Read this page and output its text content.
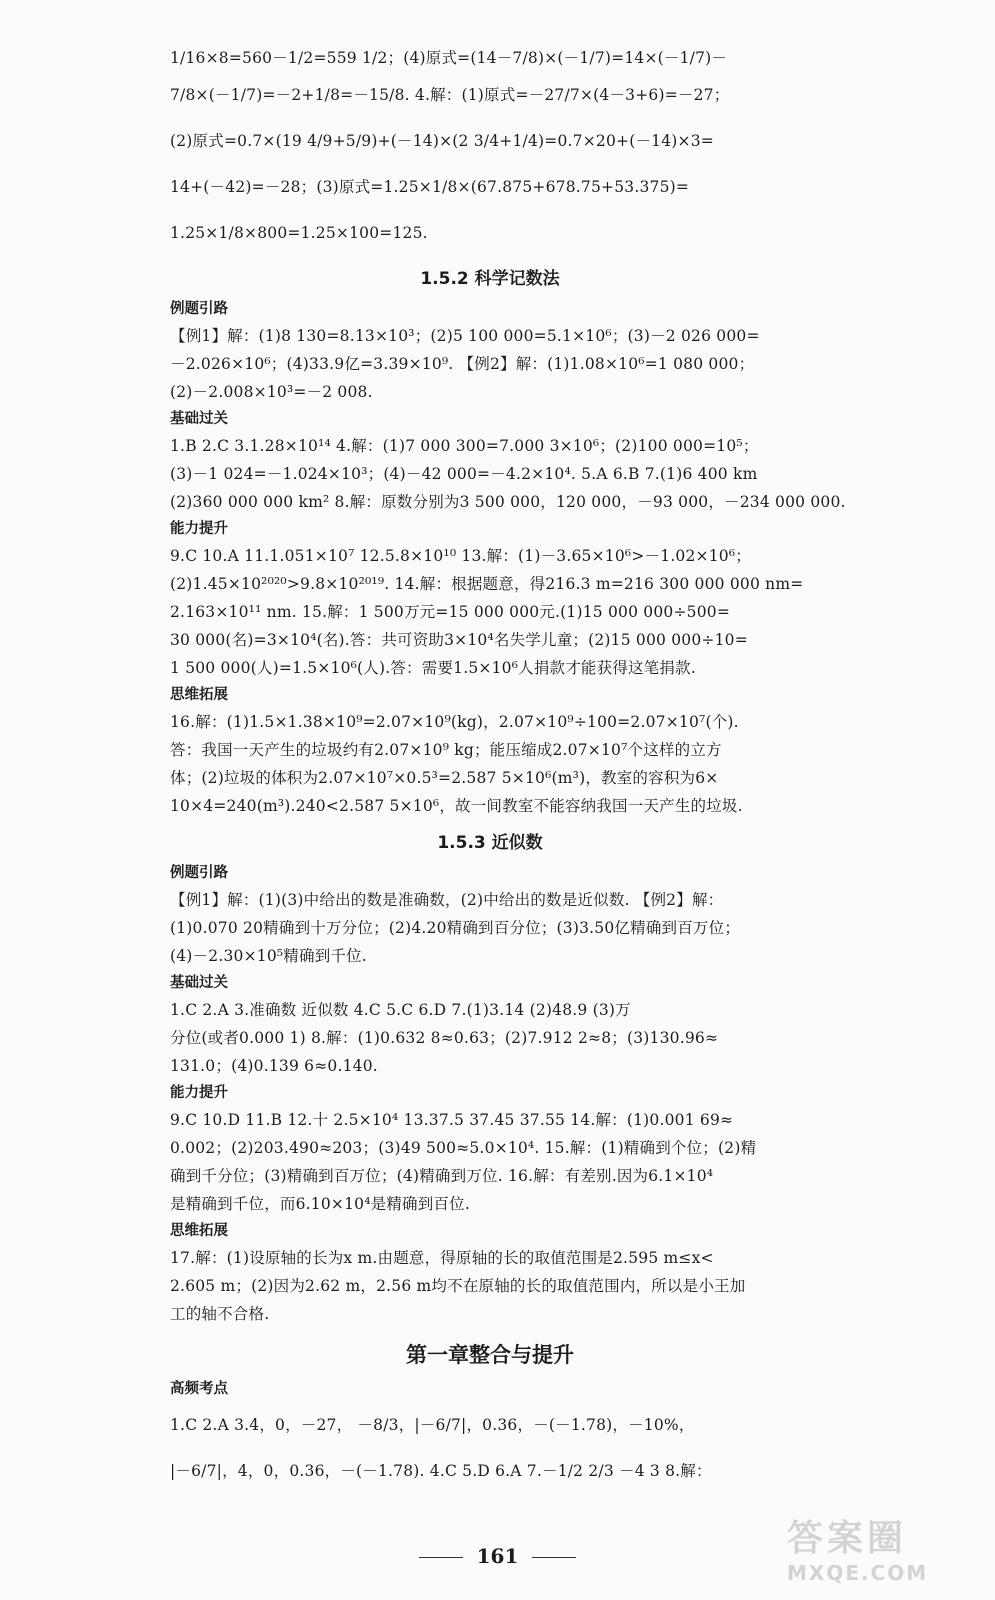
1/16×8=560－1/2=559 1/2；(4)原式=(14－7/8)×(－1/7)=14×(－1/7)－
7/8×(－1/7)=－2+1/8=－15/8. 4.解：(1)原式=－27/7×(4－3+6)=－27；
(2)原式=0.7×(19 4/9+5/9)+(－14)×(2 3/4+1/4)=0.7×20+(－14)×3=
14+(－42)=－28；(3)原式=1.25×1/8×(67.875+678.75+53.375)=
1.25×1/8×800=1.25×100=125.
1.5.2 科学记数法
例题引路
【例1】解：(1)8 130=8.13×10³；(2)5 100 000=5.1×10⁶；(3)－2 026 000=
－2.026×10⁶；(4)33.9亿=3.39×10⁹. 【例2】解：(1)1.08×10⁶=1 080 000；
(2)－2.008×10³=－2 008.
基础过关
1.B 2.C 3.1.28×10¹⁴ 4.解：(1)7 000 300=7.000 3×10⁶；(2)100 000=10⁵；
(3)－1 024=－1.024×10³；(4)－42 000=－4.2×10⁴. 5.A 6.B 7.(1)6 400 km
(2)360 000 000 km² 8.解：原数分别为3 500 000，120 000，－93 000，－234 000 000.
能力提升
9.C 10.A 11.1.051×10⁷ 12.5.8×10¹⁰ 13.解：(1)－3.65×10⁶>－1.02×10⁶；
(2)1.45×10²⁰²⁰>9.8×10²⁰¹⁹. 14.解：根据题意，得216.3 m=216 300 000 000 nm=
2.163×10¹¹ nm. 15.解：1 500万元=15 000 000元.(1)15 000 000÷500=
30 000(名)=3×10⁴(名).答：共可资助3×10⁴名失学儿童；(2)15 000 000÷10=
1 500 000(人)=1.5×10⁶(人).答：需要1.5×10⁶人捐款才能获得这笔捐款.
思维拓展
16.解：(1)1.5×1.38×10⁹=2.07×10⁹(kg)，2.07×10⁹÷100=2.07×10⁷(个).
答：我国一天产生的垃圾约有2.07×10⁹ kg；能压缩成2.07×10⁷个这样的立方
体；(2)垃圾的体积为2.07×10⁷×0.5³=2.587 5×10⁶(m³)，教室的容积为6×
10×4=240(m³).240<2.587 5×10⁶，故一间教室不能容纳我国一天产生的垃圾.
1.5.3 近似数
例题引路
【例1】解：(1)(3)中给出的数是准确数，(2)中给出的数是近似数. 【例2】解：
(1)0.070 20精确到十万分位；(2)4.20精确到百分位；(3)3.50亿精确到百万位；
(4)－2.30×10⁵精确到千位.
基础过关
1.C 2.A 3.准确数 近似数 4.C 5.C 6.D 7.(1)3.14 (2)48.9 (3)万
分位(或者0.000 1) 8.解：(1)0.632 8≈0.63；(2)7.912 2≈8；(3)130.96≈
131.0；(4)0.139 6≈0.140.
能力提升
9.C 10.D 11.B 12.十 2.5×10⁴ 13.37.5 37.45 37.55 14.解：(1)0.001 69≈
0.002；(2)203.490≈203；(3)49 500≈5.0×10⁴. 15.解：(1)精确到个位；(2)精
确到千分位；(3)精确到百万位；(4)精确到万位. 16.解：有差别.因为6.1×10⁴
是精确到千位，而6.10×10⁴是精确到百位.
思维拓展
17.解：(1)设原轴的长为x m.由题意，得原轴的长的取值范围是2.595 m≤x<
2.605 m；(2)因为2.62 m，2.56 m均不在原轴的长的取值范围内，所以是小王加
工的轴不合格.
第一章整合与提升
高频考点
1.C 2.A 3.4，0，－27， －8/3，|－6/7|，0.36，－(－1.78)，－10%，
|－6/7|，4，0，0.36，－(－1.78). 4.C 5.D 6.A 7.－1/2 2/3 －4 3 8.解：
161	答案圈
MXQE.COM
